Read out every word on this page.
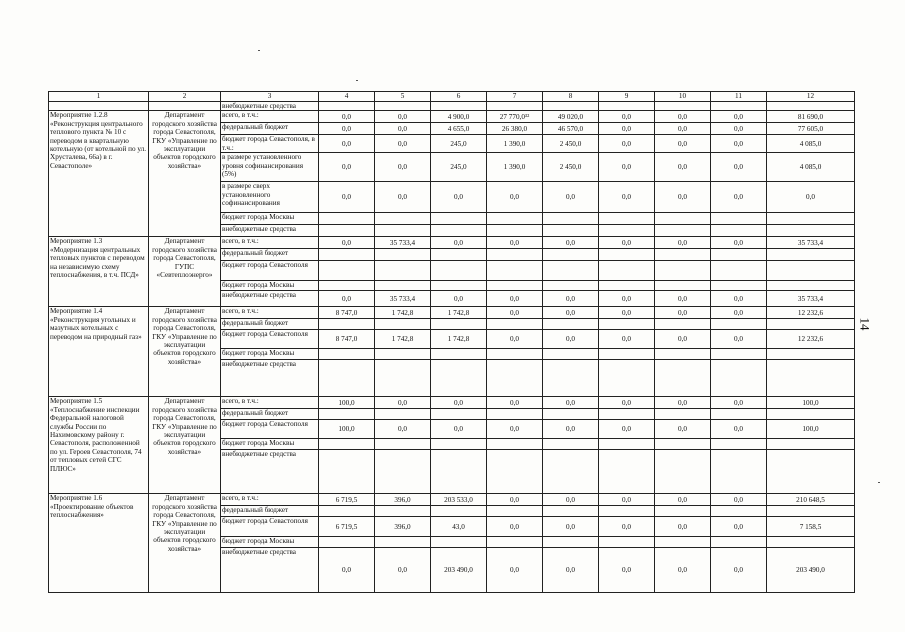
1	2	3	4	5	6	7	8	9	10	11	12
		внебюджетные средства									
Мероприятие 1.2.8 «Реконструкция центрального теплового пункта № 10 с переводом в квартальную котельную (от котельной по ул. Хрусталева, 66а) в г. Севастополе»	Департамент городского хозяйства города Севастополя, ГКУ «Управление по эксплуатации объектов городского хозяйства»	всего, в т.ч.:	0,0	0,0	4 900,0	27 770,0³²	49 020,0	0,0	0,0	0,0	81 690,0
		федеральный бюджет	0,0	0,0	4 655,0	26 380,0	46 570,0	0,0	0,0	0,0	77 605,0
		бюджет города Севастополя, в т.ч.:	0,0	0,0	245,0	1 390,0	2 450,0	0,0	0,0	0,0	4 085,0
		в размере установленного уровня софинансирования (5%)	0,0	0,0	245,0	1 390,0	2 450,0	0,0	0,0	0,0	4 085,0
		в размере сверх установленного софинансирования	0,0	0,0	0,0	0,0	0,0	0,0	0,0	0,0	0,0
		бюджет города Москвы									
		внебюджетные средства									
Мероприятие 1.3 «Модернизация центральных тепловых пунктов с переводом на независимую схему теплоснабжения, в т.ч. ПСД»	Департамент городского хозяйства города Севастополя, ГУПС «Севтеплоэнерго»	всего, в т.ч.:	0,0	35 733,4	0,0	0,0	0,0	0,0	0,0	0,0	35 733,4
		федеральный бюджет									
		бюджет города Севастополя									
		бюджет города Москвы									
		внебюджетные средства	0,0	35 733,4	0,0	0,0	0,0	0,0	0,0	0,0	35 733,4
Мероприятие 1.4 «Реконструкция угольных и мазутных котельных с переводом на природный газ»	Департамент городского хозяйства города Севастополя, ГКУ «Управление по эксплуатации объектов городского хозяйства»	всего, в т.ч.:	8 747,0	1 742,8	1 742,8	0,0	0,0	0,0	0,0	0,0	12 232,6
		федеральный бюджет									
		бюджет города Севастополя	8 747,0	1 742,8	1 742,8	0,0	0,0	0,0	0,0	0,0	12 232,6
		бюджет города Москвы									
		внебюджетные средства									
Мероприятие 1.5 «Теплоснабжение инспекции Федеральной налоговой службы России по Нахимовскому району г. Севастополя, расположенной по ул. Героев Севастополя, 74 от тепловых сетей СГС ПЛЮС»	Департамент городского хозяйства города Севастополя, ГКУ «Управление по эксплуатации объектов городского хозяйства»	всего, в т.ч.:	100,0	0,0	0,0	0,0	0,0	0,0	0,0	0,0	100,0
		федеральный бюджет									
		бюджет города Севастополя	100,0	0,0	0,0	0,0	0,0	0,0	0,0	0,0	100,0
		бюджет города Москвы									
		внебюджетные средства									
Мероприятие 1.6 «Проектирование объектов теплоснабжения»	Департамент городского хозяйства города Севастополя, ГКУ «Управление по эксплуатации объектов городского хозяйства»	всего, в т.ч.:	6 719,5	396,0	203 533,0	0,0	0,0	0,0	0,0	0,0	210 648,5
		федеральный бюджет									
		бюджет города Севастополя	6 719,5	396,0	43,0	0,0	0,0	0,0	0,0	0,0	7 158,5
		бюджет города Москвы									
		внебюджетные средства	0,0	0,0	203 490,0	0,0	0,0	0,0	0,0	0,0	203 490,0
14
